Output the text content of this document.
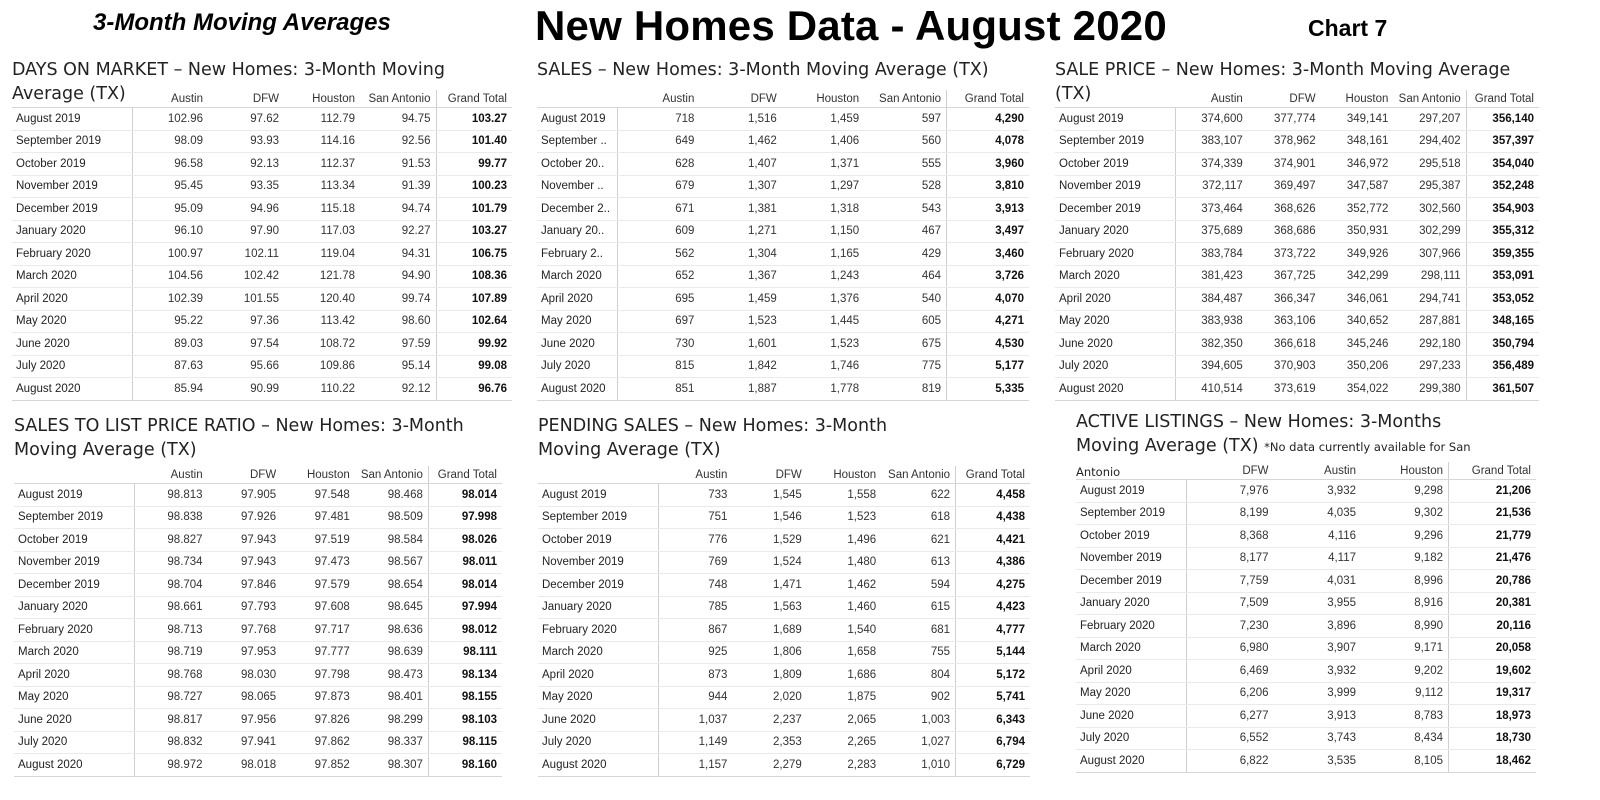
3-Month Moving Averages	New Homes Data - August 2020	Chart 7
DAYS ON MARKET – New Homes: 3-Month Moving Average (TX)
		Austin	DFW	Houston	San Antonio	Grand Total
August 2019	102.96	97.62	112.79	94.75	103.27
September 2019	98.09	93.93	114.16	92.56	101.40
October 2019	96.58	92.13	112.37	91.53	99.77
November 2019	95.45	93.35	113.34	91.39	100.23
December 2019	95.09	94.96	115.18	94.74	101.79
January 2020	96.10	97.90	117.03	92.27	103.27
February 2020	100.97	102.11	119.04	94.31	106.75
March 2020	104.56	102.42	121.78	94.90	108.36
April 2020	102.39	101.55	120.40	99.74	107.89
May 2020	95.22	97.36	113.42	98.60	102.64
June 2020	89.03	97.54	108.72	97.59	99.92
July 2020	87.63	95.66	109.86	95.14	99.08
August 2020	85.94	90.99	110.22	92.12	96.76
SALES – New Homes: 3-Month Moving Average (TX)
	Austin	DFW	Houston	San Antonio	Grand Total
August 2019	718	1,516	1,459	597	4,290
September ..	649	1,462	1,406	560	4,078
October 20..	628	1,407	1,371	555	3,960
November ..	679	1,307	1,297	528	3,810
December 2..	671	1,381	1,318	543	3,913
January 20..	609	1,271	1,150	467	3,497
February 2..	562	1,304	1,165	429	3,460
March 2020	652	1,367	1,243	464	3,726
April 2020	695	1,459	1,376	540	4,070
May 2020	697	1,523	1,445	605	4,271
June 2020	730	1,601	1,523	675	4,530
July 2020	815	1,842	1,746	775	5,177
August 2020	851	1,887	1,778	819	5,335
SALE PRICE – New Homes: 3-Month Moving Average (TX)
		Austin	DFW	Houston	San Antonio	Grand Total
August 2019	374,600	377,774	349,141	297,207	356,140
September 2019	383,107	378,962	348,161	294,402	357,397
October 2019	374,339	374,901	346,972	295,518	354,040
November 2019	372,117	369,497	347,587	295,387	352,248
December 2019	373,464	368,626	352,772	302,560	354,903
January 2020	375,689	368,686	350,931	302,299	355,312
February 2020	383,784	373,722	349,926	307,966	359,355
March 2020	381,423	367,725	342,299	298,111	353,091
April 2020	384,487	366,347	346,061	294,741	353,052
May 2020	383,938	363,106	340,652	287,881	348,165
June 2020	382,350	366,618	345,246	292,180	350,794
July 2020	394,605	370,903	350,206	297,233	356,489
August 2020	410,514	373,619	354,022	299,380	361,507
SALES TO LIST PRICE RATIO – New Homes: 3-Month Moving Average (TX)
	Austin	DFW	Houston	San Antonio	Grand Total
August 2019	98.813	97.905	97.548	98.468	98.014
September 2019	98.838	97.926	97.481	98.509	97.998
October 2019	98.827	97.943	97.519	98.584	98.026
November 2019	98.734	97.943	97.473	98.567	98.011
December 2019	98.704	97.846	97.579	98.654	98.014
January 2020	98.661	97.793	97.608	98.645	97.994
February 2020	98.713	97.768	97.717	98.636	98.012
March 2020	98.719	97.953	97.777	98.639	98.111
April 2020	98.768	98.030	97.798	98.473	98.134
May 2020	98.727	98.065	97.873	98.401	98.155
June 2020	98.817	97.956	97.826	98.299	98.103
July 2020	98.832	97.941	97.862	98.337	98.115
August 2020	98.972	98.018	97.852	98.307	98.160
PENDING SALES – New Homes: 3-Month Moving Average (TX)
	Austin	DFW	Houston	San Antonio	Grand Total
August 2019	733	1,545	1,558	622	4,458
September 2019	751	1,546	1,523	618	4,438
October 2019	776	1,529	1,496	621	4,421
November 2019	769	1,524	1,480	613	4,386
December 2019	748	1,471	1,462	594	4,275
January 2020	785	1,563	1,460	615	4,423
February 2020	867	1,689	1,540	681	4,777
March 2020	925	1,806	1,658	755	5,144
April 2020	873	1,809	1,686	804	5,172
May 2020	944	2,020	1,875	902	5,741
June 2020	1,037	2,237	2,065	1,003	6,343
July 2020	1,149	2,353	2,265	1,027	6,794
August 2020	1,157	2,279	2,283	1,010	6,729
ACTIVE LISTINGS – New Homes: 3-Months Moving Average (TX) *No data currently available for San Antonio
		DFW	Austin	Houston	Grand Total
August 2019	7,976	3,932	9,298	21,206
September 2019	8,199	4,035	9,302	21,536
October 2019	8,368	4,116	9,296	21,779
November 2019	8,177	4,117	9,182	21,476
December 2019	7,759	4,031	8,996	20,786
January 2020	7,509	3,955	8,916	20,381
February 2020	7,230	3,896	8,990	20,116
March 2020	6,980	3,907	9,171	20,058
April 2020	6,469	3,932	9,202	19,602
May 2020	6,206	3,999	9,112	19,317
June 2020	6,277	3,913	8,783	18,973
July 2020	6,552	3,743	8,434	18,730
August 2020	6,822	3,535	8,105	18,462
